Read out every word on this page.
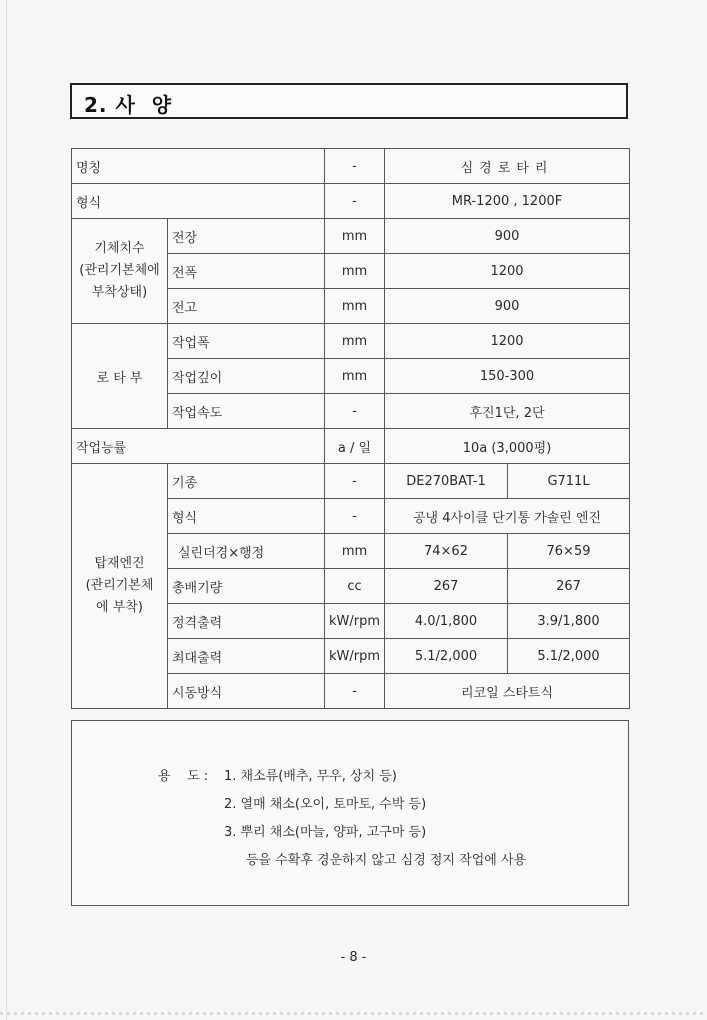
2. 사  양
명칭		-	심경로타리	
형식		-	MR-1200 , 1200F	

기체치수
(관리기본체에
부착상태)	전장	mm	900	
	전폭	mm	1200	
	전고	mm	900	
로 타 부	작업폭	mm	1200	
	작업깊이	mm	150-300	
	작업속도	-	후진1단, 2단	
작업능률		a / 일	10a (3,000평)	

탑재엔진
(관리기본체
에 부착)	기종	-	DE270BAT-1	G711L
	형식	-	공냉 4사이클 단기통 가솔린 엔진	
	실린더경×행정	mm	74×62	76×59
	총배기량	cc	267	267
	정격출력	kW/rpm	4.0/1,800	3.9/1,800
	최대출력	kW/rpm	5.1/2,000	5.1/2,000
	시동방식	-	리코일 스타트식	
용    도 : 1. 채소류(배추, 무우, 상치 등)
2. 열매 채소(오이, 토마토, 수박 등)
3. 뿌리 채소(마늘, 양파, 고구마 등)
등을 수확후 경운하지 않고 심경 정지 작업에 사용
- 8 -
